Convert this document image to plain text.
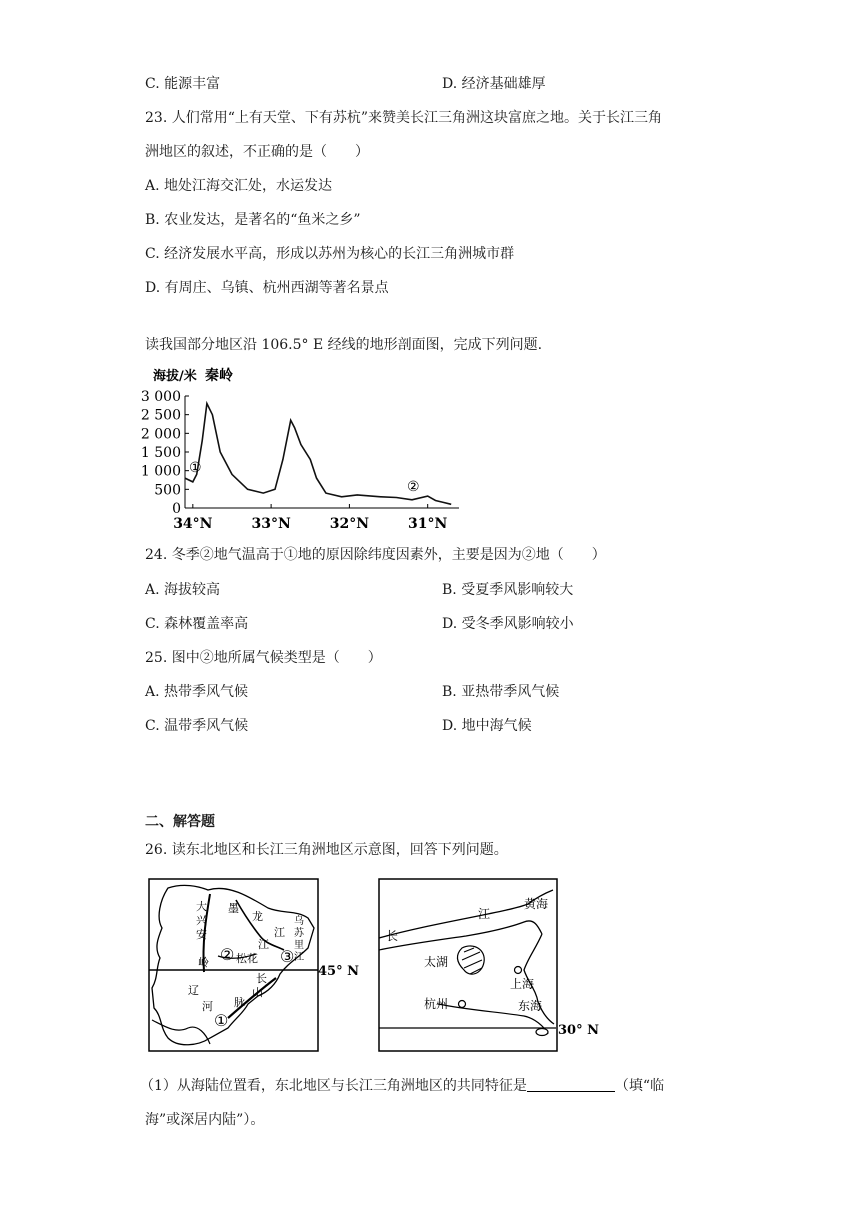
C. 能源丰富	D. 经济基础雄厚
23. 人们常用“上有天堂、下有苏杭”来赞美长江三角洲这块富庶之地。关于长江三角
洲地区的叙述，不正确的是（　　）
A. 地处江海交汇处，水运发达
B. 农业发达，是著名的“鱼米之乡”
C. 经济发展水平高，形成以苏州为核心的长江三角洲城市群
D. 有周庄、乌镇、杭州西湖等著名景点
读我国部分地区沿 106.5° E 经线的地形剖面图，完成下列问题.
海拔/米
3 000
2 500
2 000
1 500
1 000
500
0
34°N	33°N	32°N	31°N
秦岭
①
②
24. 冬季②地气温高于①地的原因除纬度因素外，主要是因为②地（　　）
A. 海拔较高	B. 受夏季风影响较大
C. 森林覆盖率高	D. 受冬季风影响较小
25. 图中②地所属气候类型是（　　）
A. 热带季风气候	B. 亚热带季风气候
C. 温带季风气候	D. 地中海气候
二、解答题
26. 读东北地区和长江三角洲地区示意图，回答下列问题。
45° N
大
兴
安
岭
墨
龙
江
乌
苏
里
江
江
松花
长
山
辽
河 脉
①
②	③
30° N
黄海
江
长
太湖
上海
杭州	东海
（1）从海陆位置看，东北地区与长江三角洲地区的共同特征是	（填“临
海”或深居内陆”）。
